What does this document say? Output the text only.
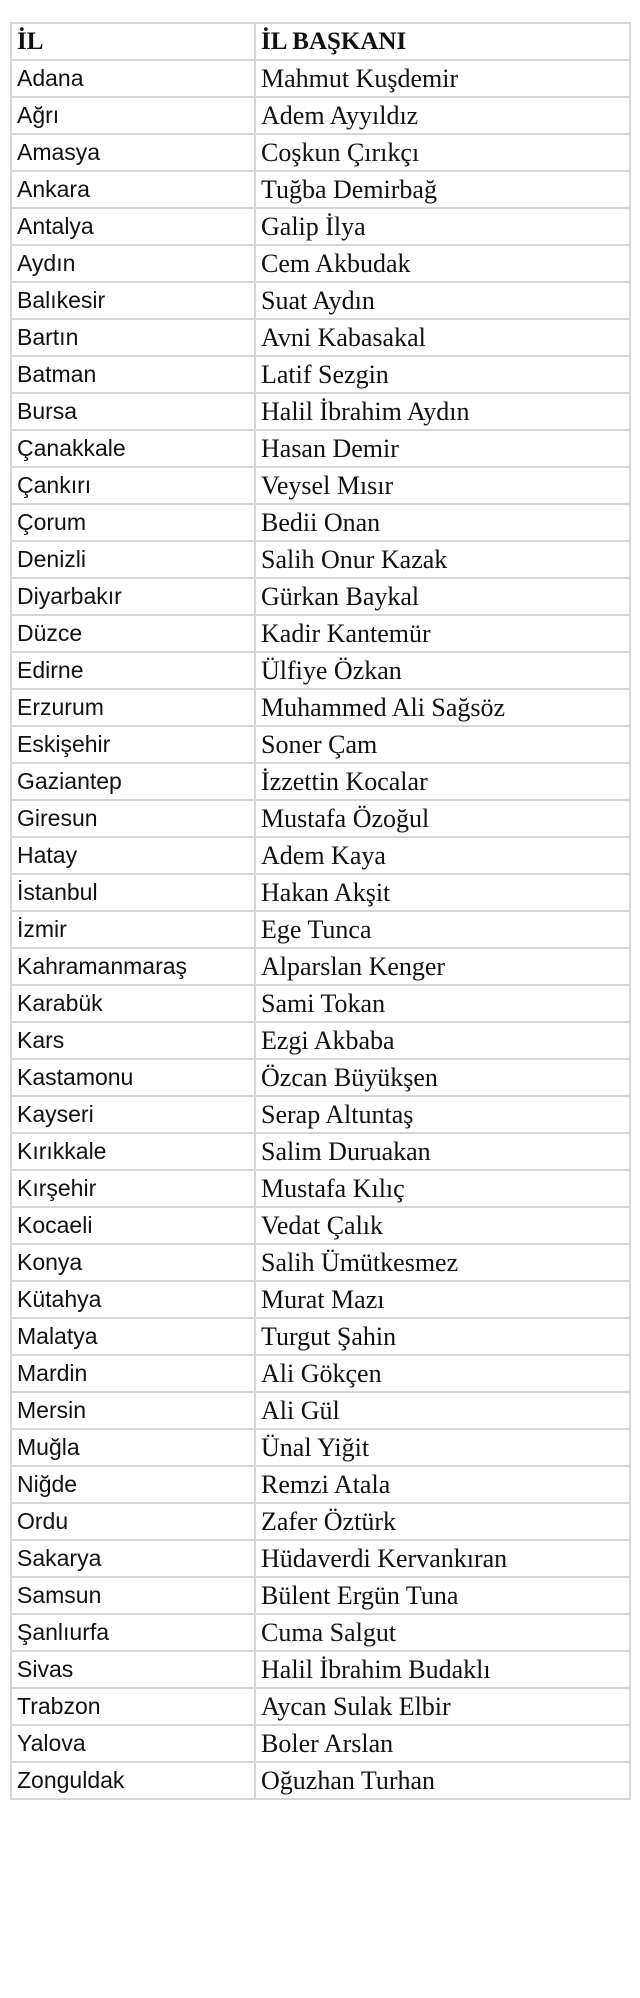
İL	İL BAŞKANI
Adana	Mahmut Kuşdemir
Ağrı	Adem Ayyıldız
Amasya	Coşkun Çırıkçı
Ankara	Tuğba Demirbağ
Antalya	Galip İlya
Aydın	Cem Akbudak
Balıkesir	Suat Aydın
Bartın	Avni Kabasakal
Batman	Latif Sezgin
Bursa	Halil İbrahim Aydın
Çanakkale	Hasan Demir
Çankırı	Veysel Mısır
Çorum	Bedii Onan
Denizli	Salih Onur Kazak
Diyarbakır	Gürkan Baykal
Düzce	Kadir Kantemür
Edirne	Ülfiye Özkan
Erzurum	Muhammed Ali Sağsöz
Eskişehir	Soner Çam
Gaziantep	İzzettin Kocalar
Giresun	Mustafa Özoğul
Hatay	Adem Kaya
İstanbul	Hakan Akşit
İzmir	Ege Tunca
Kahramanmaraş	Alparslan Kenger
Karabük	Sami Tokan
Kars	Ezgi Akbaba
Kastamonu	Özcan Büyükşen
Kayseri	Serap Altuntaş
Kırıkkale	Salim Duruakan
Kırşehir	Mustafa Kılıç
Kocaeli	Vedat Çalık
Konya	Salih Ümütkesmez
Kütahya	Murat Mazı
Malatya	Turgut Şahin
Mardin	Ali Gökçen
Mersin	Ali Gül
Muğla	Ünal Yiğit
Niğde	Remzi Atala
Ordu	Zafer Öztürk
Sakarya	Hüdaverdi Kervankıran
Samsun	Bülent Ergün Tuna
Şanlıurfa	Cuma Salgut
Sivas	Halil İbrahim Budaklı
Trabzon	Aycan Sulak Elbir
Yalova	Boler Arslan
Zonguldak	Oğuzhan Turhan
